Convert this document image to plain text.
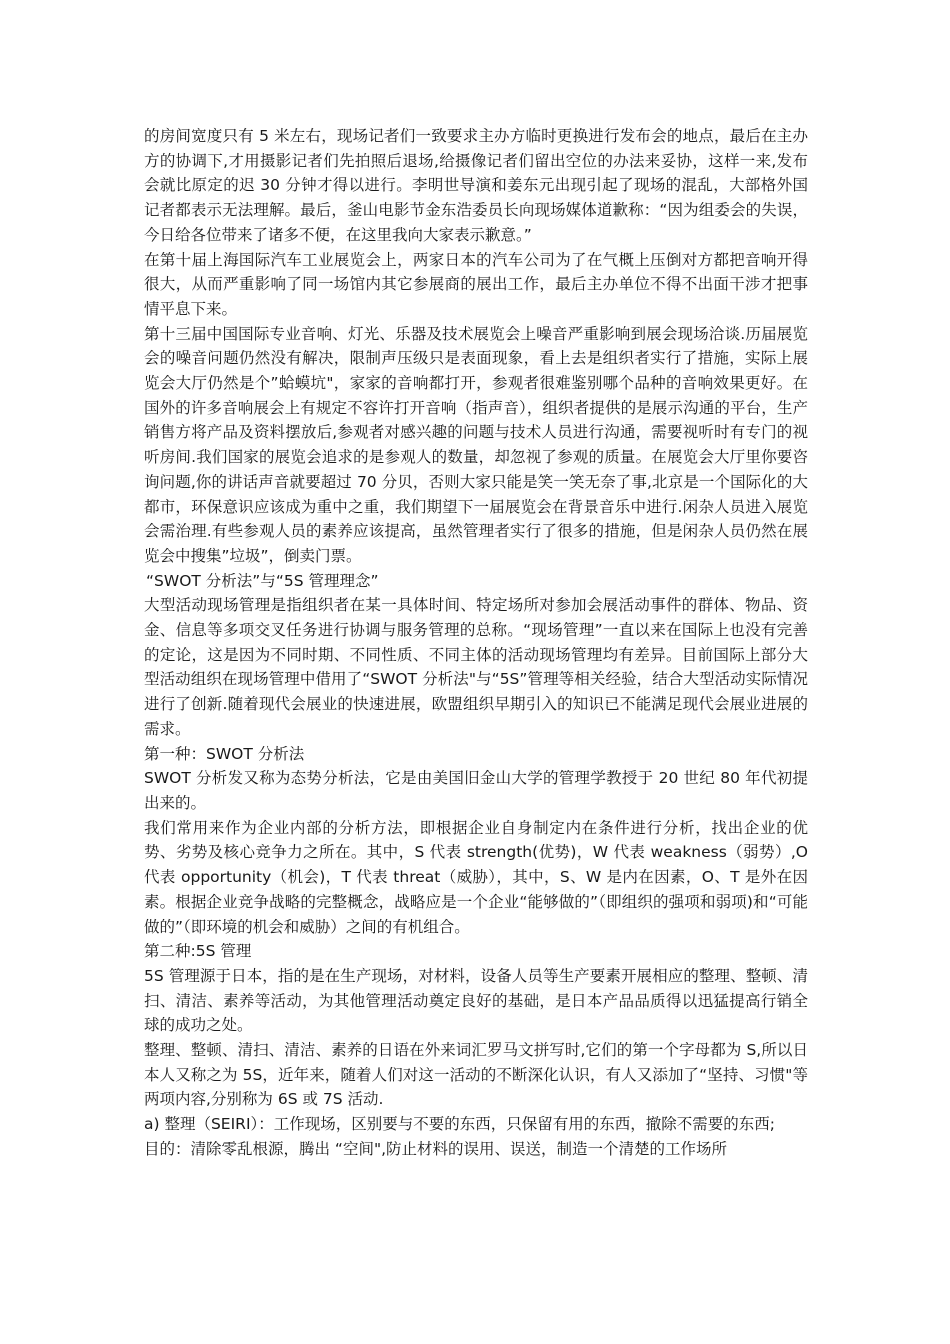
的房间宽度只有 5 米左右，现场记者们一致要求主办方临时更换进行发布会的地点，最后在主办方的协调下,才用摄影记者们先拍照后退场,给摄像记者们留出空位的办法来妥协，这样一来,发布会就比原定的迟 30 分钟才得以进行。李明世导演和姜东元出现引起了现场的混乱，大部格外国记者都表示无法理解。最后，釜山电影节金东浩委员长向现场媒体道歉称：“因为组委会的失误，今日给各位带来了诸多不便，在这里我向大家表示歉意。”

在第十届上海国际汽车工业展览会上，两家日本的汽车公司为了在气概上压倒对方都把音响开得很大，从而严重影响了同一场馆内其它参展商的展出工作，最后主办单位不得不出面干涉才把事情平息下来。

第十三届中国国际专业音响、灯光、乐器及技术展览会上噪音严重影响到展会现场洽谈.历届展览会的噪音问题仍然没有解决，限制声压级只是表面现象，看上去是组织者实行了措施，实际上展览会大厅仍然是个”蛤蟆坑"，家家的音响都打开，参观者很难鉴别哪个品种的音响效果更好。在国外的许多音响展会上有规定不容许打开音响（指声音），组织者提供的是展示沟通的平台，生产销售方将产品及资料摆放后,参观者对感兴趣的问题与技术人员进行沟通，需要视听时有专门的视听房间.我们国家的展览会追求的是参观人的数量，却忽视了参观的质量。在展览会大厅里你要咨询问题,你的讲话声音就要超过 70 分贝，否则大家只能是笑一笑无奈了事,北京是一个国际化的大都市，环保意识应该成为重中之重，我们期望下一届展览会在背景音乐中进行.闲杂人员进入展览会需治理.有些参观人员的素养应该提高，虽然管理者实行了很多的措施，但是闲杂人员仍然在展览会中搜集”垃圾”，倒卖门票。

“SWOT 分析法”与“5S 管理理念”

大型活动现场管理是指组织者在某一具体时间、特定场所对参加会展活动事件的群体、物品、资金、信息等多项交叉任务进行协调与服务管理的总称。“现场管理”一直以来在国际上也没有完善的定论，这是因为不同时期、不同性质、不同主体的活动现场管理均有差异。目前国际上部分大型活动组织在现场管理中借用了“SWOT 分析法"与“5S”管理等相关经验，结合大型活动实际情况进行了创新.随着现代会展业的快速进展，欧盟组织早期引入的知识已不能满足现代会展业进展的需求。

第一种：SWOT 分析法

SWOT 分析发又称为态势分析法，它是由美国旧金山大学的管理学教授于 20 世纪 80 年代初提出来的。

我们常用来作为企业内部的分析方法，即根据企业自身制定内在条件进行分析，找出企业的优势、劣势及核心竞争力之所在。其中，S 代表 strength(优势)，W 代表 weakness（弱势）,O 代表 opportunity（机会)，T 代表 threat（威胁），其中，S、W 是内在因素，O、T 是外在因素。根据企业竞争战略的完整概念，战略应是一个企业“能够做的”（即组织的强项和弱项)和“可能做的”（即环境的机会和威胁）之间的有机组合。

第二种:5S 管理

5S 管理源于日本，指的是在生产现场，对材料，设备人员等生产要素开展相应的整理、整顿、清扫、清洁、素养等活动，为其他管理活动奠定良好的基础，是日本产品品质得以迅猛提高行销全球的成功之处。

整理、整顿、清扫、清洁、素养的日语在外来词汇罗马文拼写时,它们的第一个字母都为 S,所以日本人又称之为 5S，近年来，随着人们对这一活动的不断深化认识，有人又添加了“坚持、习惯"等两项内容,分别称为 6S 或 7S 活动.

a) 整理（SEIRI）：工作现场，区别要与不要的东西，只保留有用的东西，撤除不需要的东西;

目的：清除零乱根源，腾出 “空间",防止材料的误用、误送，制造一个清楚的工作场所
